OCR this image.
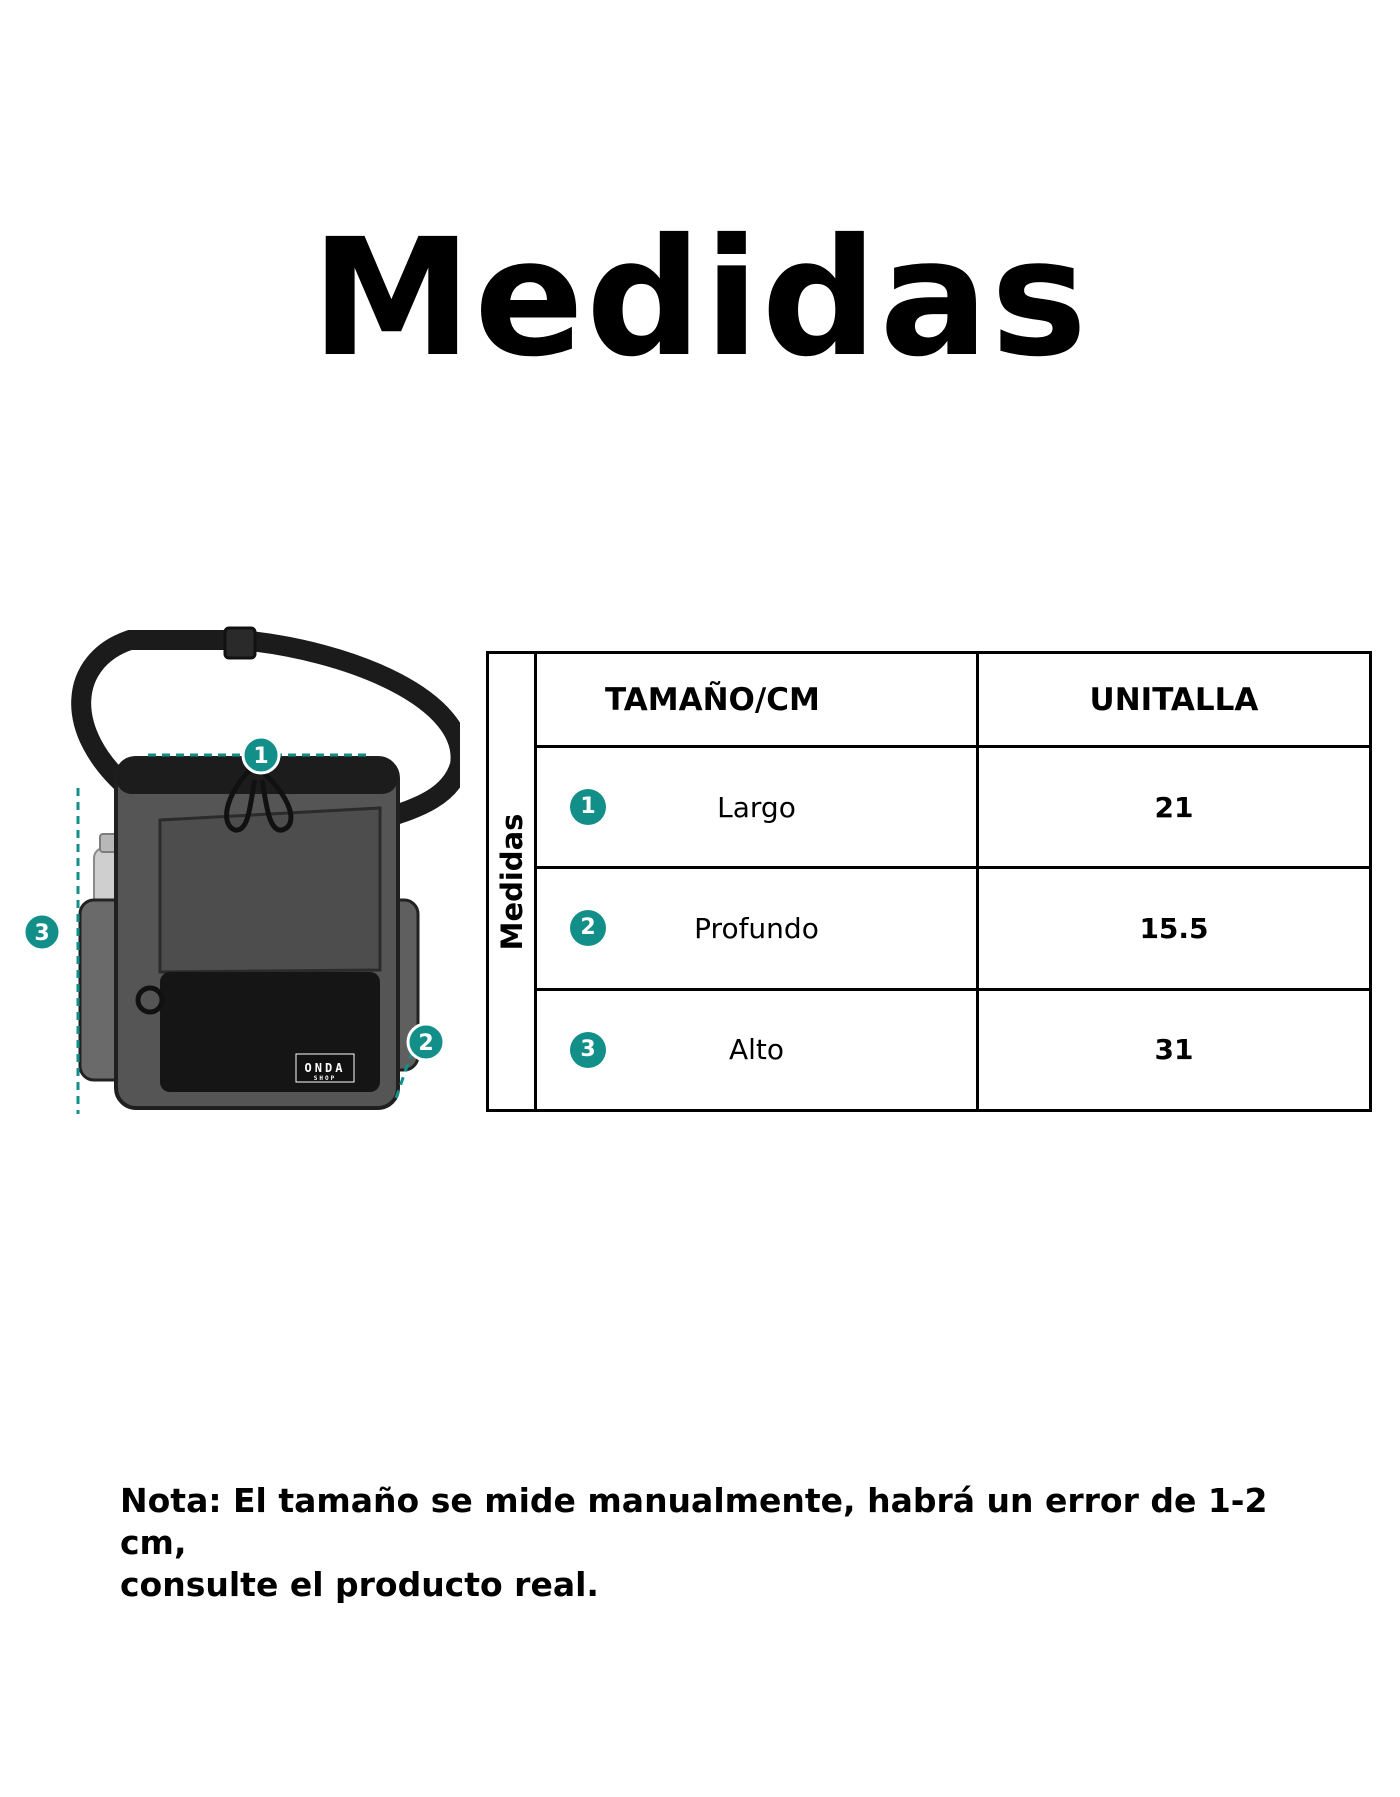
Medidas
ONDA
SHOP
1
3
2
Medidas	TAMAÑO/CM	UNITALLA

	1 Largo	21

	2 Profundo	15.5

	3 Alto	31
Nota: El tamaño se mide manualmente, habrá un error de 1-2 cm,
consulte el producto real.
